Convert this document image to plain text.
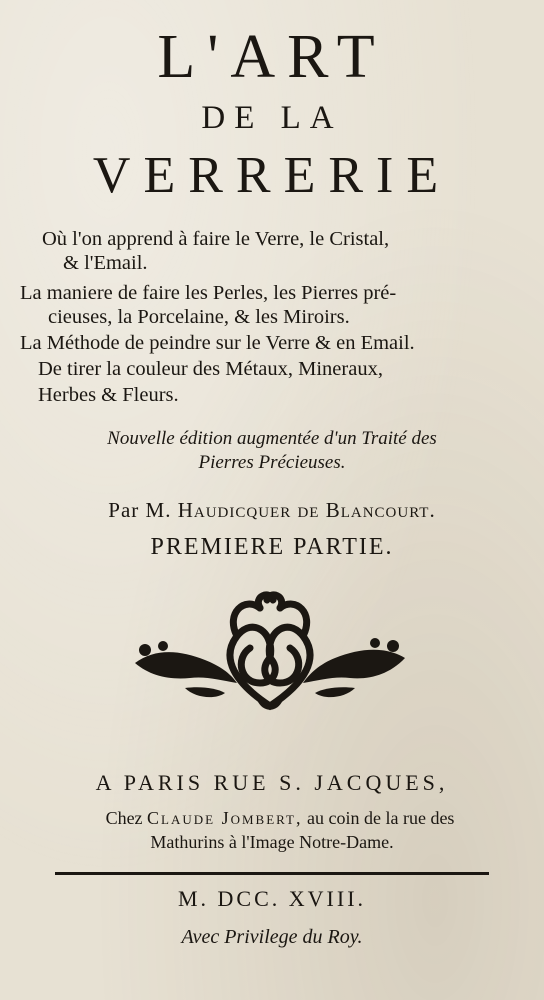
L'ART
DE LA
VERRERIE
Où l'on apprend à faire le Verre, le Cristal,
& l'Email.
La maniere de faire les Perles, les Pierres pré-
cieuses, la Porcelaine, & les Miroirs.
La Méthode de peindre sur le Verre & en Email.
De tirer la couleur des Métaux, Mineraux,
Herbes & Fleurs.
Nouvelle édition augmentée d'un Traité des
Pierres Précieuses.
Par M. Haudicquer de Blancourt.
PREMIERE PARTIE.
A PARIS RUE S. JACQUES,
Chez Claude Jombert, au coin de la rue des
Mathurins à l'Image Notre-Dame.
M. DCC. XVIII.
Avec Privilege du Roy.
